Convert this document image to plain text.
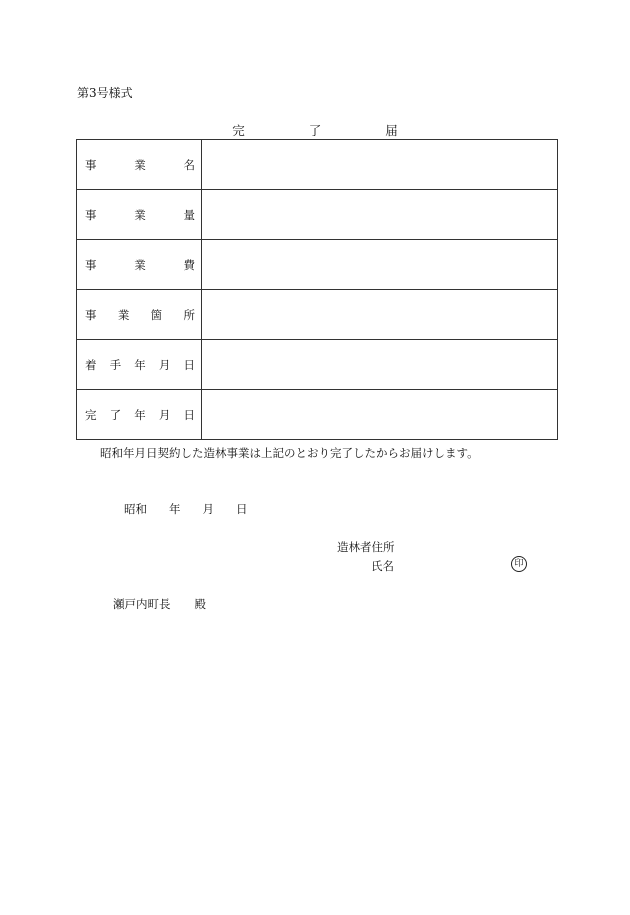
第3号様式
完	了	届
事 業 名	

事 業 量	

事 業 費	

事 業 箇 所	

着 手 年 月 日	

完 了 年 月 日	

昭和年月日契約した造林事業は上記のとおり完了したからお届けします。
昭和 年 月 日
造林者住所
氏名	印
瀬戸内町長 殿
